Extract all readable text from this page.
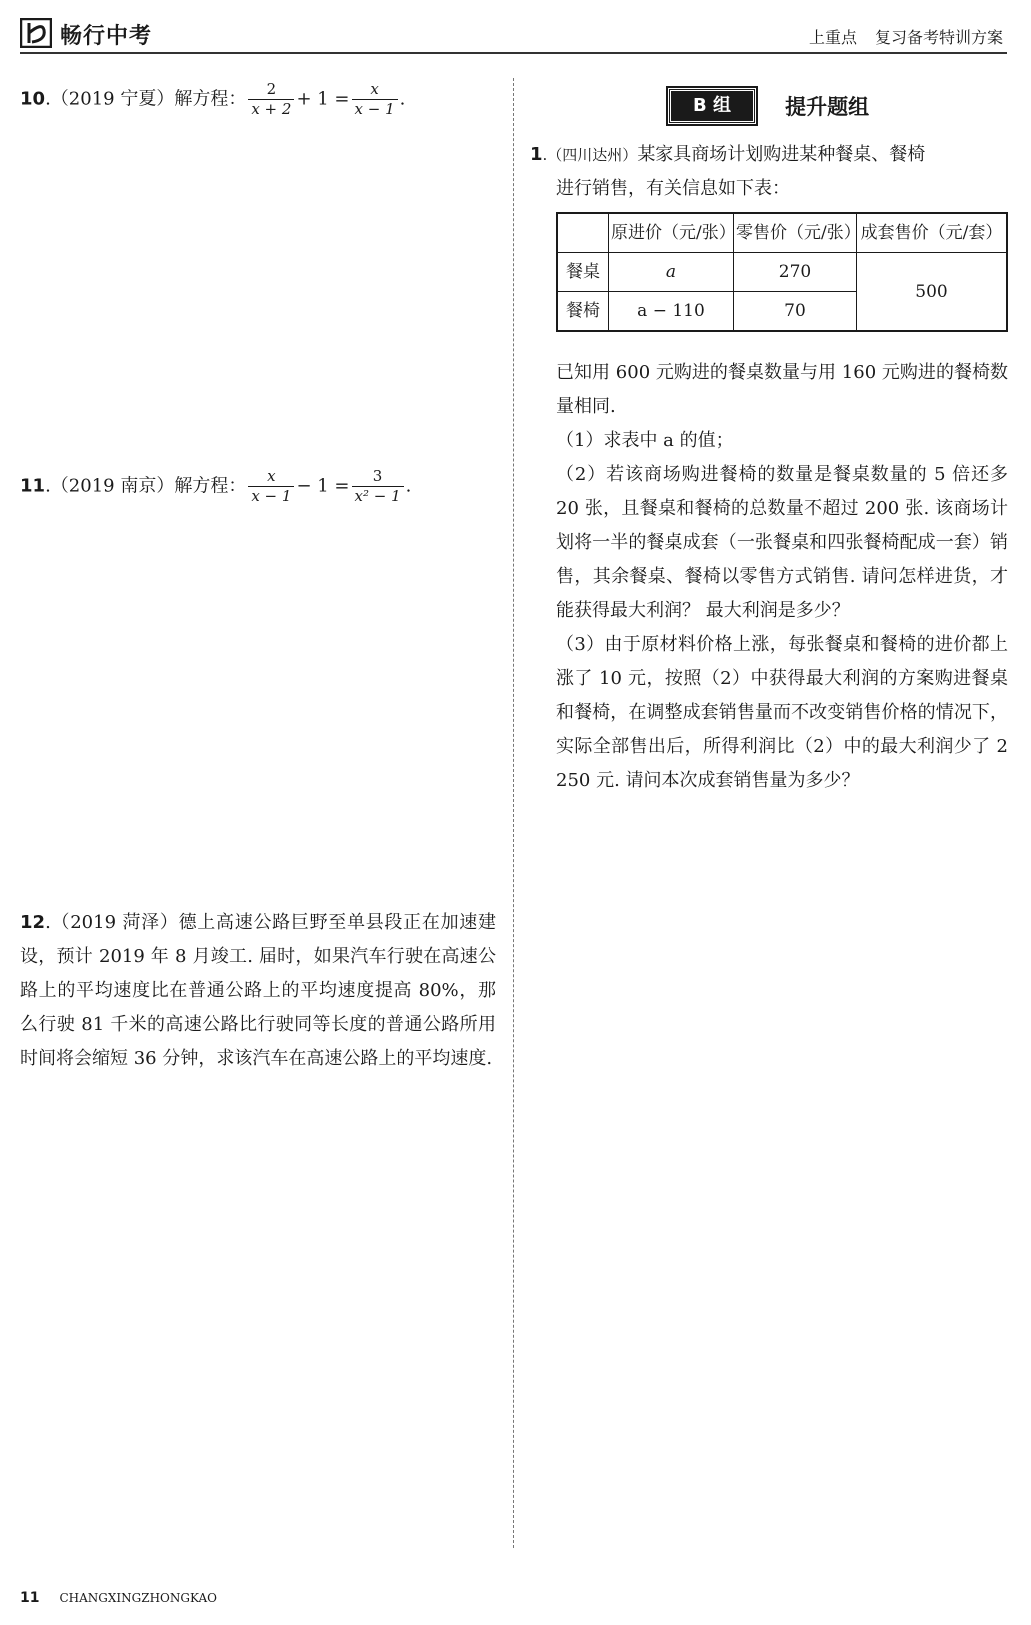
畅行中考	上重点 复习备考特训方案
10.（2019 宁夏）解方程： $\frac{2}{x + 2} + 1 = \frac{x}{x - 1}$ .
11.（2019 南京）解方程： $\frac{x}{x - 1} - 1 = \frac{3}{\text{x² − 1}}$ .
12.（2019 菏泽）德上高速公路巨野至单县段正在加速建设，预计 2019 年 8 月竣工. 届时，如果汽车行驶在高速公路上的平均速度比在普通公路上的平均速度提高 80%，那么行驶 81 千米的高速公路比行驶同等长度的普通公路所用时间将会缩短 36 分钟，求该汽车在高速公路上的平均速度.
B 组	提升题组
1.（四川达州）某家具商场计划购进某种餐桌、餐椅
进行销售，有关信息如下表：
	原进价（元/张）	零售价（元/张）	成套售价（元/套）
餐桌	a	270	500
餐椅	a − 110	70	
已知用 600 元购进的餐桌数量与用 160 元购进的餐椅数量相同.
（1）求表中 a 的值；
（2）若该商场购进餐椅的数量是餐桌数量的 5 倍还多 20 张，且餐桌和餐椅的总数量不超过 200 张. 该商场计划将一半的餐桌成套（一张餐桌和四张餐椅配成一套）销售，其余餐桌、餐椅以零售方式销售. 请问怎样进货，才能获得最大利润？ 最大利润是多少？
（3）由于原材料价格上涨，每张餐桌和餐椅的进价都上涨了 10 元，按照（2）中获得最大利润的方案购进餐桌和餐椅，在调整成套销售量而不改变销售价格的情况下，实际全部售出后，所得利润比（2）中的最大利润少了 2 250 元. 请问本次成套销售量为多少？
11 CHANGXINGZHONGKAO
